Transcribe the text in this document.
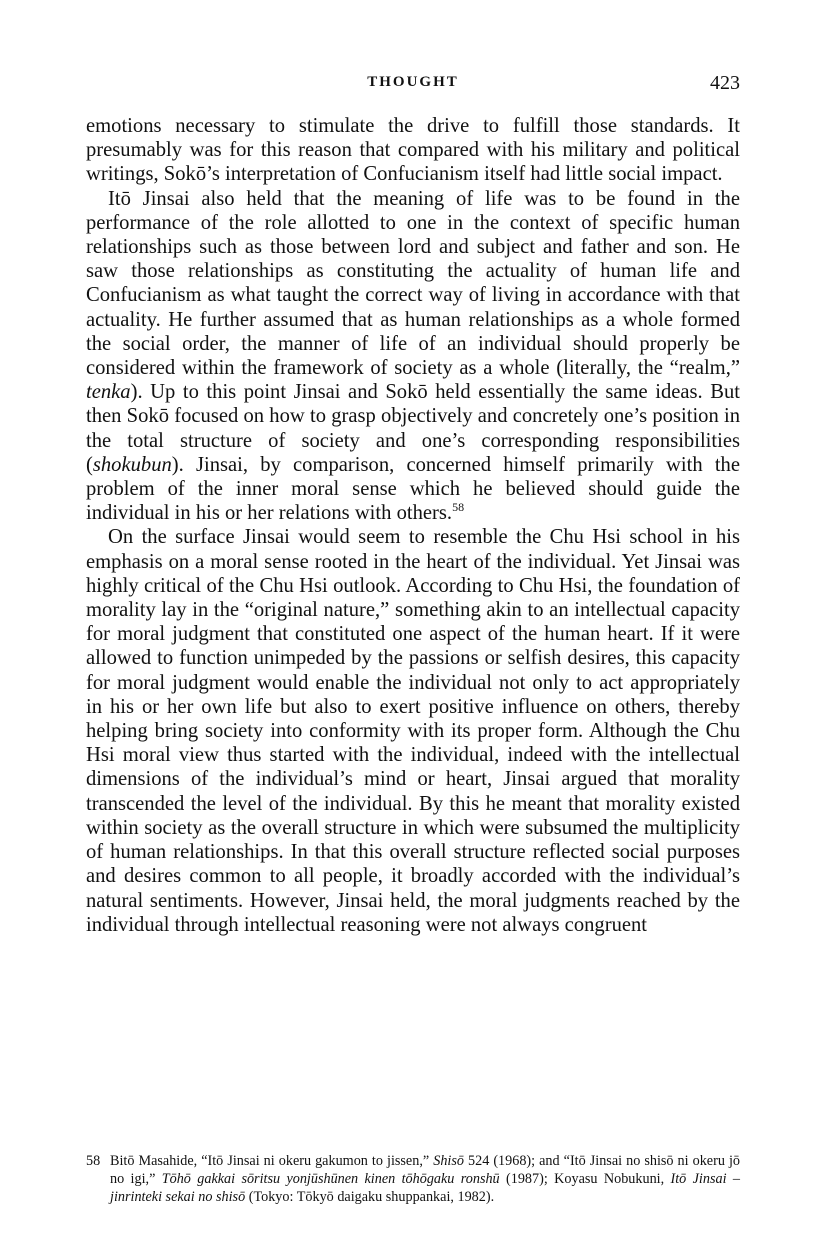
THOUGHT	423

emotions necessary to stimulate the drive to fulfill those standards. It presumably was for this reason that compared with his military and political writings, Sokō’s interpretation of Confucianism itself had little social impact.

Itō Jinsai also held that the meaning of life was to be found in the performance of the role allotted to one in the context of specific human relationships such as those between lord and subject and father and son. He saw those relationships as constituting the actuality of human life and Confucianism as what taught the correct way of living in accordance with that actuality. He further assumed that as human relationships as a whole formed the social order, the manner of life of an individual should properly be considered within the framework of society as a whole (literally, the “realm,” tenka). Up to this point Jinsai and Sokō held essentially the same ideas. But then Sokō focused on how to grasp objectively and concretely one’s position in the total structure of society and one’s corresponding responsibilities (shokubun). Jinsai, by comparison, concerned himself primarily with the problem of the inner moral sense which he believed should guide the individual in his or her relations with others.$^{58}$

On the surface Jinsai would seem to resemble the Chu Hsi school in his emphasis on a moral sense rooted in the heart of the individual. Yet Jinsai was highly critical of the Chu Hsi outlook. According to Chu Hsi, the foundation of morality lay in the “original nature,” something akin to an intellectual capacity for moral judgment that constituted one aspect of the human heart. If it were allowed to function unimpeded by the passions or selfish desires, this capacity for moral judgment would enable the individual not only to act appropriately in his or her own life but also to exert positive influence on others, thereby helping bring society into conformity with its proper form. Although the Chu Hsi moral view thus started with the individual, indeed with the intellectual dimensions of the individual’s mind or heart, Jinsai argued that morality transcended the level of the individual. By this he meant that morality existed within society as the overall structure in which were subsumed the multiplicity of human relationships. In that this overall structure reflected social purposes and desires common to all people, it broadly accorded with the individual’s natural sentiments. However, Jinsai held, the moral judgments reached by the individual through intellectual reasoning were not always congruent

58 Bitō Masahide, “Itō Jinsai ni okeru gakumon to jissen,” Shisō 524 (1968); and “Itō Jinsai no shisō ni okeru jō no igi,” Tōhō gakkai sōritsu yonjūshūnen kinen tōhōgaku ronshū (1987); Koyasu Nobukuni, Itō Jinsai – jinrinteki sekai no shisō (Tokyo: Tōkyō daigaku shuppankai, 1982).
